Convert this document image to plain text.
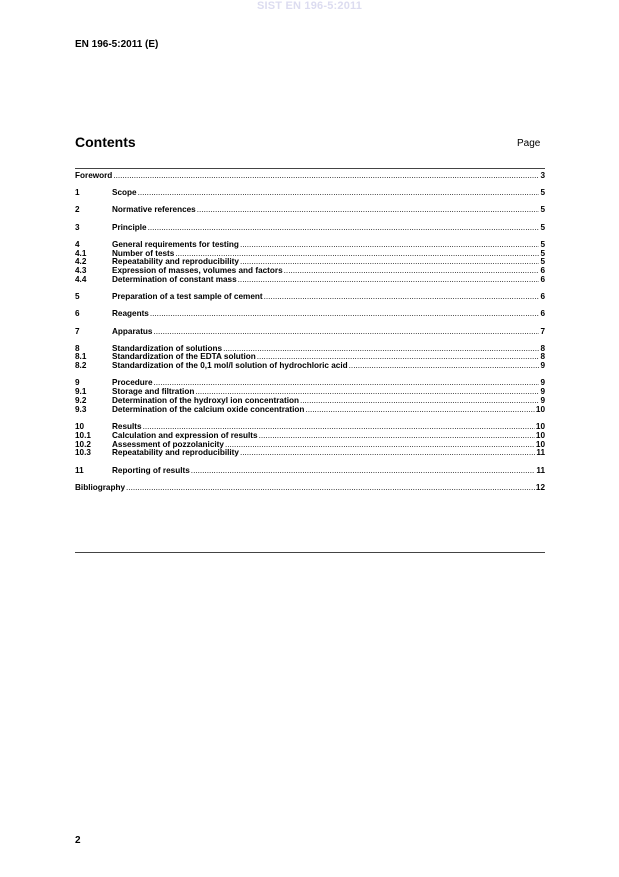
SIST EN 196-5:2011
EN 196-5:2011 (E)
Contents	Page
Foreword .....	3
1	Scope .....	5
2	Normative references .....	5
3	Principle .....	5
4	General requirements for testing .....	5
4.1	Number of tests .....	5
4.2	Repeatability and reproducibility .....	5
4.3	Expression of masses, volumes and factors .....	6
4.4	Determination of constant mass .....	6
5	Preparation of a test sample of cement .....	6
6	Reagents .....	6
7	Apparatus .....	7
8	Standardization of solutions .....	8
8.1	Standardization of the EDTA solution .....	8
8.2	Standardization of the 0,1 mol/l solution of hydrochloric acid .....	9
9	Procedure .....	9
9.1	Storage and filtration .....	9
9.2	Determination of the hydroxyl ion concentration .....	9
9.3	Determination of the calcium oxide concentration .....	10
10	Results .....	10
10.1	Calculation and expression of results .....	10
10.2	Assessment of pozzolanicity .....	10
10.3	Repeatability and reproducibility .....	11
11	Reporting of results .....	11
Bibliography .....	12
2
